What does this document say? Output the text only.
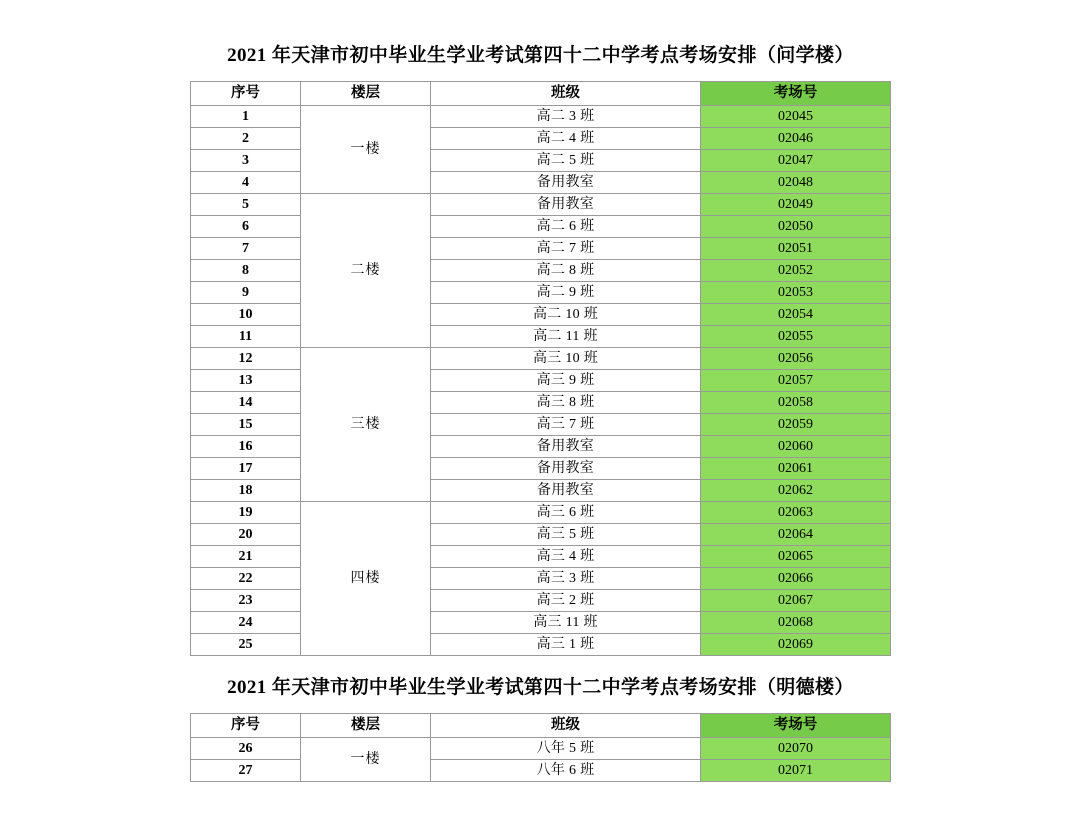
2021 年天津市初中毕业生学业考试第四十二中学考点考场安排（问学楼）
序号	楼层	班级	考场号
1	一楼	高二 3 班	02045
2		高二 4 班	02046
3		高二 5 班	02047
4		备用教室	02048
5	二楼	备用教室	02049
6		高二 6 班	02050
7		高二 7 班	02051
8		高二 8 班	02052
9		高二 9 班	02053
10		高二 10 班	02054
11		高二 11 班	02055
12	三楼	高三 10 班	02056
13		高三 9 班	02057
14		高三 8 班	02058
15		高三 7 班	02059
16		备用教室	02060
17		备用教室	02061
18		备用教室	02062
19	四楼	高三 6 班	02063
20		高三 5 班	02064
21		高三 4 班	02065
22		高三 3 班	02066
23		高三 2 班	02067
24		高三 11 班	02068
25		高三 1 班	02069
2021 年天津市初中毕业生学业考试第四十二中学考点考场安排（明德楼）
序号	楼层	班级	考场号
26	一楼	八年 5 班	02070
27		八年 6 班	02071
